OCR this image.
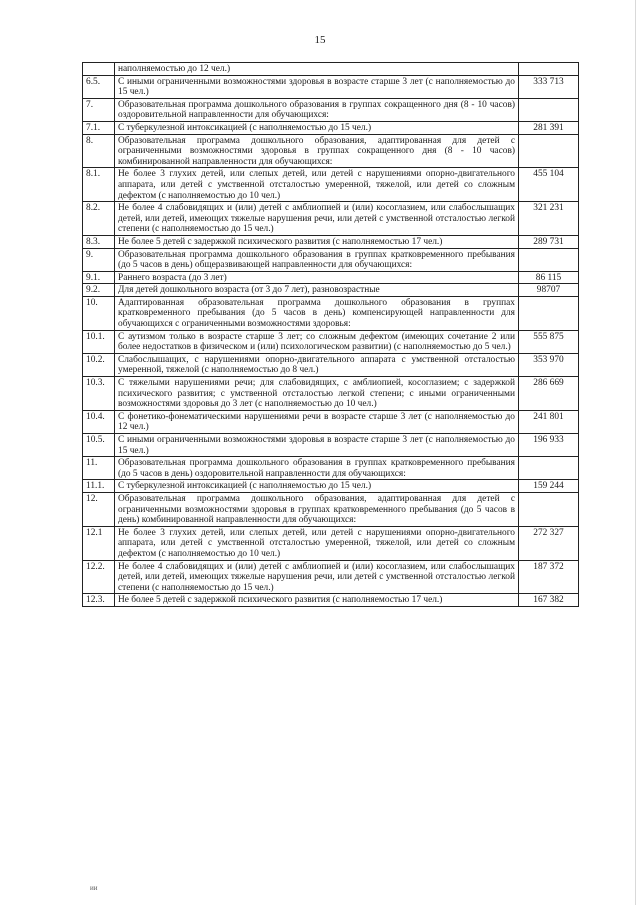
15
	наполняемостью до 12 чел.)	
6.5.	С иными ограниченными возможностями здоровья в возрасте старше 3 лет (с наполняемостью до 15 чел.)	333 713
7.	Образовательная программа дошкольного образования в группах сокращенного дня (8 - 10 часов) оздоровительной направленности для обучающихся:	
7.1.	С туберкулезной интоксикацией (с наполняемостью до 15 чел.)	281 391
8.	Образовательная программа дошкольного образования, адаптированная для детей с ограниченными возможностями здоровья в группах сокращенного дня (8 - 10 часов) комбинированной направленности для обучающихся:	
8.1.	Не более 3 глухих детей, или слепых детей, или детей с нарушениями опорно-двигательного аппарата, или детей с умственной отсталостью умеренной, тяжелой, или детей со сложным дефектом (с наполняемостью до 10 чел.)	455 104
8.2.	Не более 4 слабовидящих и (или) детей с амблиопией и (или) косоглазием, или слабослышащих детей, или детей, имеющих тяжелые нарушения речи, или детей с умственной отсталостью легкой степени (с наполняемостью до 15 чел.)	321 231
8.3.	Не более 5 детей с задержкой психического развития (с наполняемостью 17 чел.)	289 731
9.	Образовательная программа дошкольного образования в группах кратковременного пребывания (до 5 часов в день) общеразвивающей направленности для обучающихся:	
9.1.	Раннего возраста (до 3 лет)	86 115
9.2.	Для детей дошкольного возраста (от 3 до 7 лет), разновозрастные	98707
10.	Адаптированная образовательная программа дошкольного образования в группах кратковременного пребывания (до 5 часов в день) компенсирующей направленности для обучающихся с ограниченными возможностями здоровья:	
10.1.	С аутизмом только в возрасте старше 3 лет; со сложным дефектом (имеющих сочетание 2 или более недостатков в физическом и (или) психологическом развитии) (с наполняемостью до 5 чел.)	555 875
10.2.	Слабослышащих, с нарушениями опорно-двигательного аппарата с умственной отсталостью умеренной, тяжелой (с наполняемостью до 8 чел.)	353 970
10.3.	С тяжелыми нарушениями речи; для слабовидящих, с амблиопией, косоглазием; с задержкой психического развития; с умственной отсталостью легкой степени; с иными ограниченными возможностями здоровья до 3 лет (с наполняемостью до 10 чел.)	286 669
10.4.	С фонетико-фонематическими нарушениями речи в возрасте старше 3 лет (с наполняемостью до 12 чел.)	241 801
10.5.	С иными ограниченными возможностями здоровья в возрасте старше 3 лет (с наполняемостью до 15 чел.)	196 933
11.	Образовательная программа дошкольного образования в группах кратковременного пребывания (до 5 часов в день) оздоровительной направленности для обучающихся:	
11.1.	С туберкулезной интоксикацией (с наполняемостью до 15 чел.)	159 244
12.	Образовательная программа дошкольного образования, адаптированная для детей с ограниченными возможностями здоровья в группах кратковременного пребывания (до 5 часов в день) комбинированной направленности для обучающихся:	
12.1	Не более 3 глухих детей, или слепых детей, или детей с нарушениями опорно-двигательного аппарата, или детей с умственной отсталостью умеренной, тяжелой, или детей со сложным дефектом (с наполняемостью до 10 чел.)	272 327
12.2.	Не более 4 слабовидящих и (или) детей с амблиопией и (или) косоглазием, или слабослышащих детей, или детей, имеющих тяжелые нарушения речи, или детей с умственной отсталостью легкой степени (с наполняемостью до 15 чел.)	187 372
12.3.	Не более 5 детей с задержкой психического развития (с наполняемостью 17 чел.)	167 382
ии
